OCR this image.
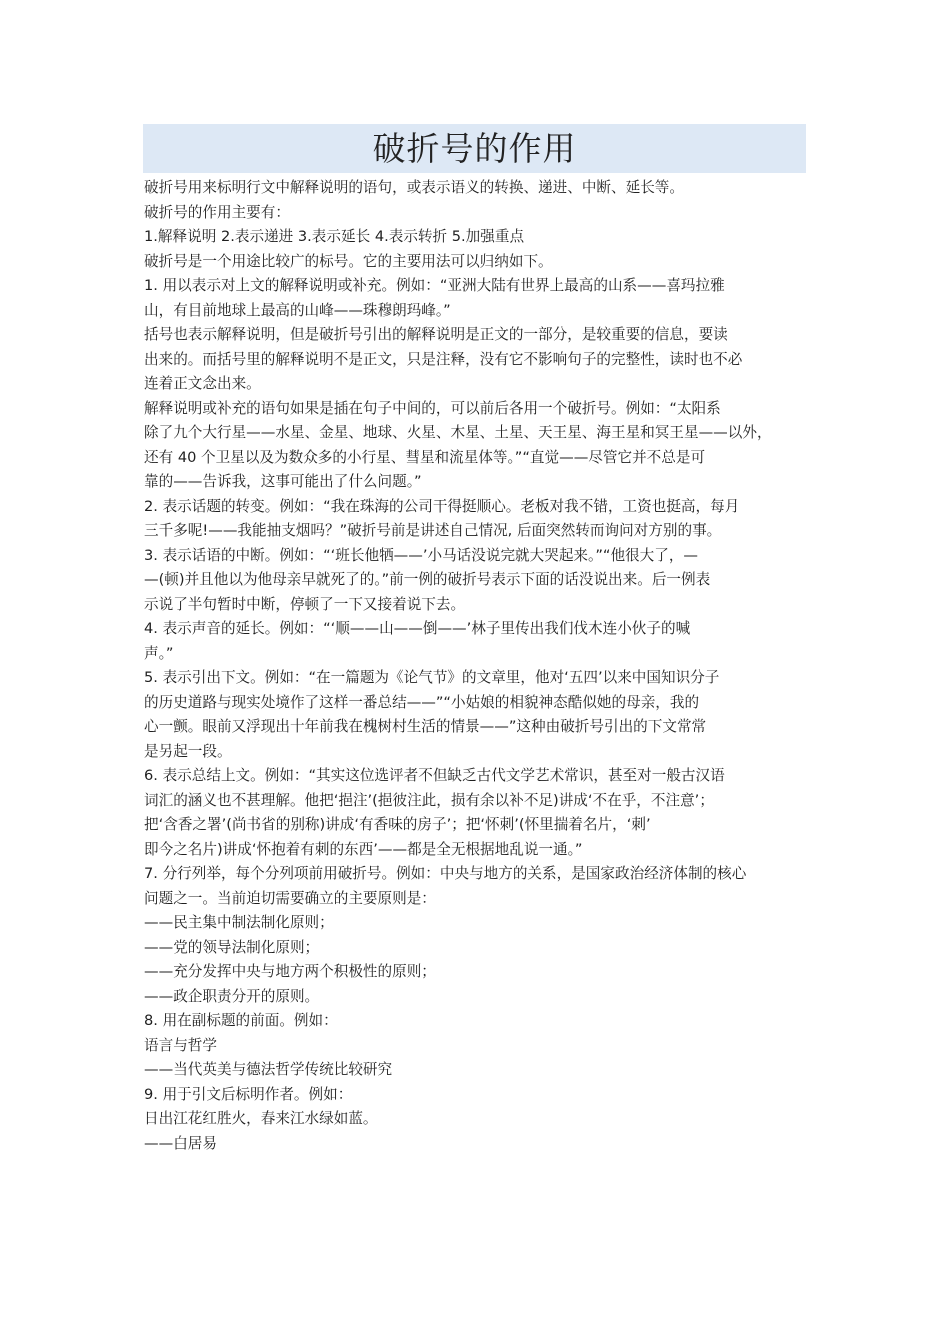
破折号的作用
破折号用来标明行文中解释说明的语句，或表示语义的转换、递进、中断、延长等。
破折号的作用主要有：
1.解释说明 2.表示递进 3.表示延长 4.表示转折 5.加强重点
破折号是一个用途比较广的标号。它的主要用法可以归纳如下。
1. 用以表示对上文的解释说明或补充。例如：“亚洲大陆有世界上最高的山系——喜玛拉雅
山，有目前地球上最高的山峰——珠穆朗玛峰。”
括号也表示解释说明，但是破折号引出的解释说明是正文的一部分，是较重要的信息，要读
出来的。而括号里的解释说明不是正文，只是注释，没有它不影响句子的完整性，读时也不必
连着正文念出来。
解释说明或补充的语句如果是插在句子中间的，可以前后各用一个破折号。例如：“太阳系
除了九个大行星——水星、金星、地球、火星、木星、土星、天王星、海王星和冥王星——以外，
还有 40 个卫星以及为数众多的小行星、彗星和流星体等。”“直觉——尽管它并不总是可
靠的——告诉我，这事可能出了什么问题。”
2. 表示话题的转变。例如：“我在珠海的公司干得挺顺心。老板对我不错，工资也挺高，每月
三千多呢!——我能抽支烟吗？”破折号前是讲述自己情况, 后面突然转而询问对方别的事。
3. 表示话语的中断。例如：“‘班长他牺——’小马话没说完就大哭起来。”“他很大了，—
—(顿)并且他以为他母亲早就死了的。”前一例的破折号表示下面的话没说出来。后一例表
示说了半句暂时中断，停顿了一下又接着说下去。
4. 表示声音的延长。例如：“‘顺——山——倒——’林子里传出我们伐木连小伙子的喊
声。”
5. 表示引出下文。例如：“在一篇题为《论气节》的文章里，他对‘五四’以来中国知识分子
的历史道路与现实处境作了这样一番总结——”“小姑娘的相貌神态酷似她的母亲，我的
心一颤。眼前又浮现出十年前我在槐树村生活的情景——”这种由破折号引出的下文常常
是另起一段。
6. 表示总结上文。例如：“其实这位选评者不但缺乏古代文学艺术常识，甚至对一般古汉语
词汇的涵义也不甚理解。他把‘挹注’(挹彼注此，损有余以补不足)讲成‘不在乎，不注意’；
把‘含香之署’(尚书省的别称)讲成‘有香味的房子’；把‘怀刺’(怀里揣着名片，‘刺’
即今之名片)讲成‘怀抱着有刺的东西’——都是全无根据地乱说一通。”
7. 分行列举，每个分列项前用破折号。例如：中央与地方的关系，是国家政治经济体制的核心
问题之一。当前迫切需要确立的主要原则是：
——民主集中制法制化原则；
——党的领导法制化原则；
——充分发挥中央与地方两个积极性的原则；
——政企职责分开的原则。
8. 用在副标题的前面。例如：
语言与哲学
——当代英美与德法哲学传统比较研究
9. 用于引文后标明作者。例如：
日出江花红胜火，春来江水绿如蓝。
——白居易
